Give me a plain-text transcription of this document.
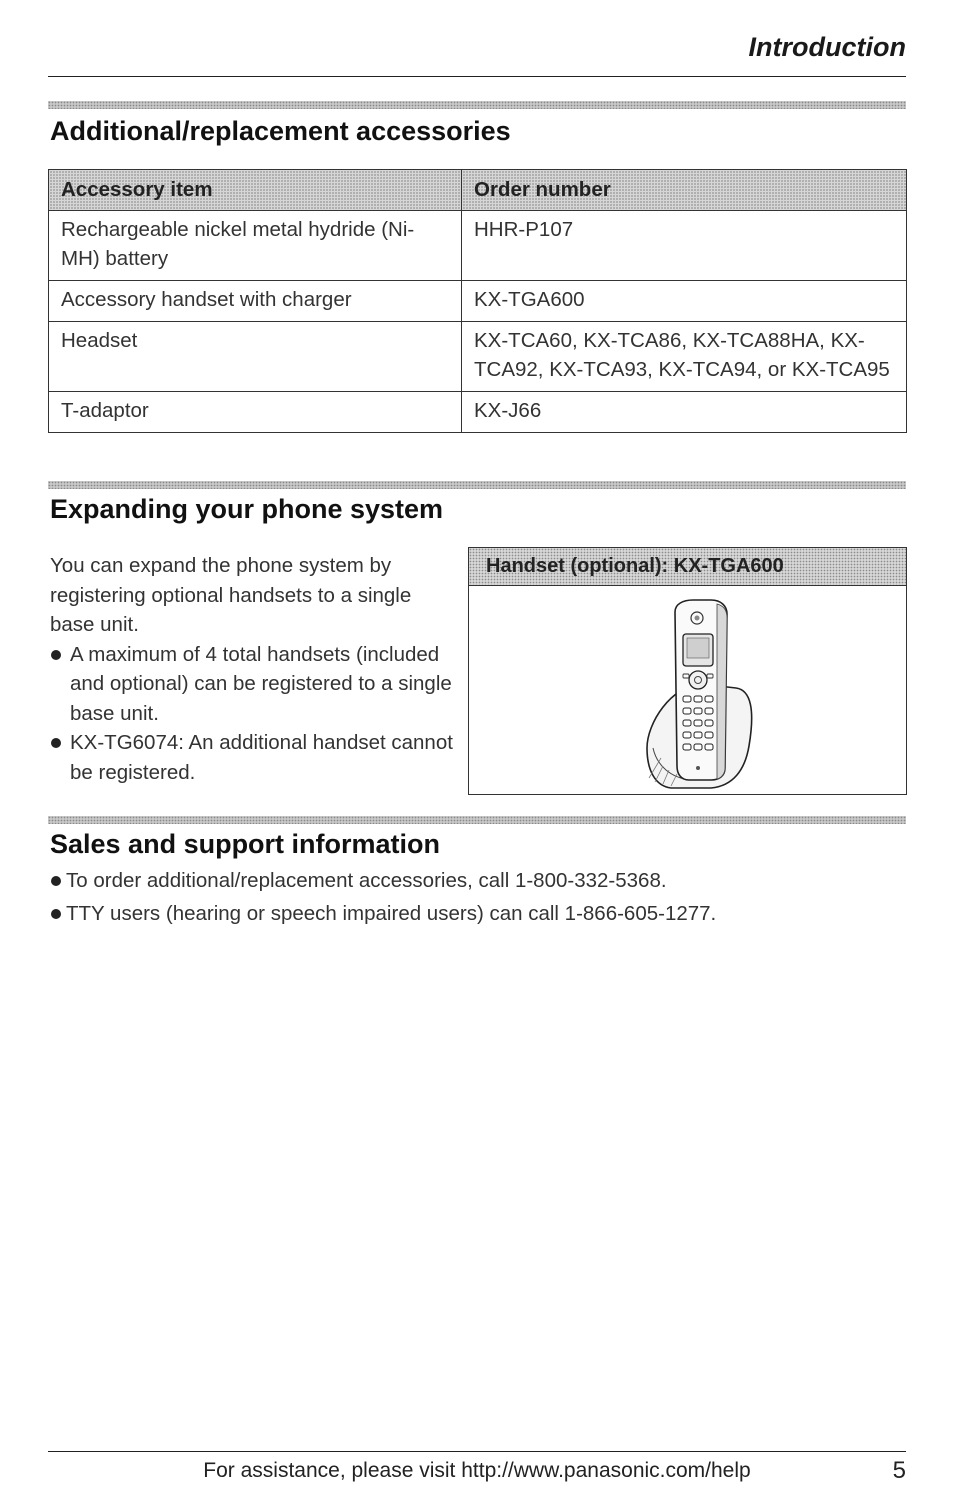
Introduction
Additional/replacement accessories
Accessory item	Order number
Rechargeable nickel metal hydride (Ni-MH) battery	HHR-P107
Accessory handset with charger	KX-TGA600
Headset	KX-TCA60, KX-TCA86, KX-TCA88HA, KX-TCA92, KX-TCA93, KX-TCA94, or KX-TCA95
T-adaptor	KX-J66
Expanding your phone system
You can expand the phone system by registering optional handsets to a single base unit.
A maximum of 4 total handsets (included and optional) can be registered to a single base unit.
KX-TG6074: An additional handset cannot be registered.
Handset (optional): KX-TGA600
Sales and support information
To order additional/replacement accessories, call 1-800-332-5368.
TTY users (hearing or speech impaired users) can call 1-866-605-1277.
For assistance, please visit http://www.panasonic.com/help	5
